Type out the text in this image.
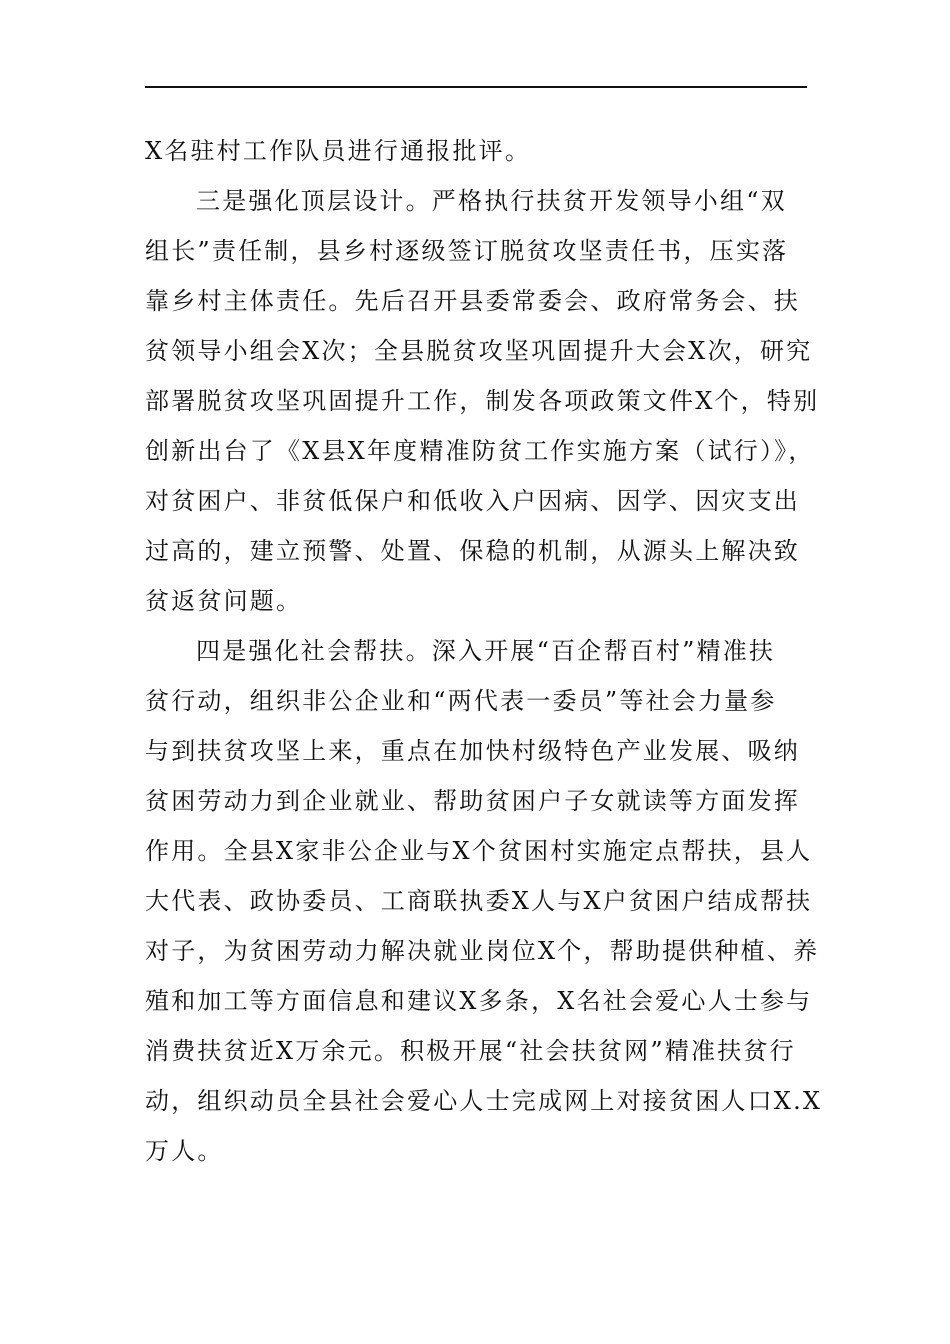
X名驻村工作队员进行通报批评。
三是强化顶层设计。严格执行扶贫开发领导小组“双
组长”责任制，县乡村逐级签订脱贫攻坚责任书，压实落
靠乡村主体责任。先后召开县委常委会、政府常务会、扶
贫领导小组会X次；全县脱贫攻坚巩固提升大会X次，研究
部署脱贫攻坚巩固提升工作，制发各项政策文件X个，特别
创新出台了《X县X年度精准防贫工作实施方案（试行）》，
对贫困户、非贫低保户和低收入户因病、因学、因灾支出
过高的，建立预警、处置、保稳的机制，从源头上解决致
贫返贫问题。
四是强化社会帮扶。深入开展“百企帮百村”精准扶
贫行动，组织非公企业和“两代表一委员”等社会力量参
与到扶贫攻坚上来，重点在加快村级特色产业发展、吸纳
贫困劳动力到企业就业、帮助贫困户子女就读等方面发挥
作用。全县X家非公企业与X个贫困村实施定点帮扶，县人
大代表、政协委员、工商联执委X人与X户贫困户结成帮扶
对子，为贫困劳动力解决就业岗位X个，帮助提供种植、养
殖和加工等方面信息和建议X多条，X名社会爱心人士参与
消费扶贫近X万余元。积极开展“社会扶贫网”精准扶贫行
动，组织动员全县社会爱心人士完成网上对接贫困人口X.X
万人。
